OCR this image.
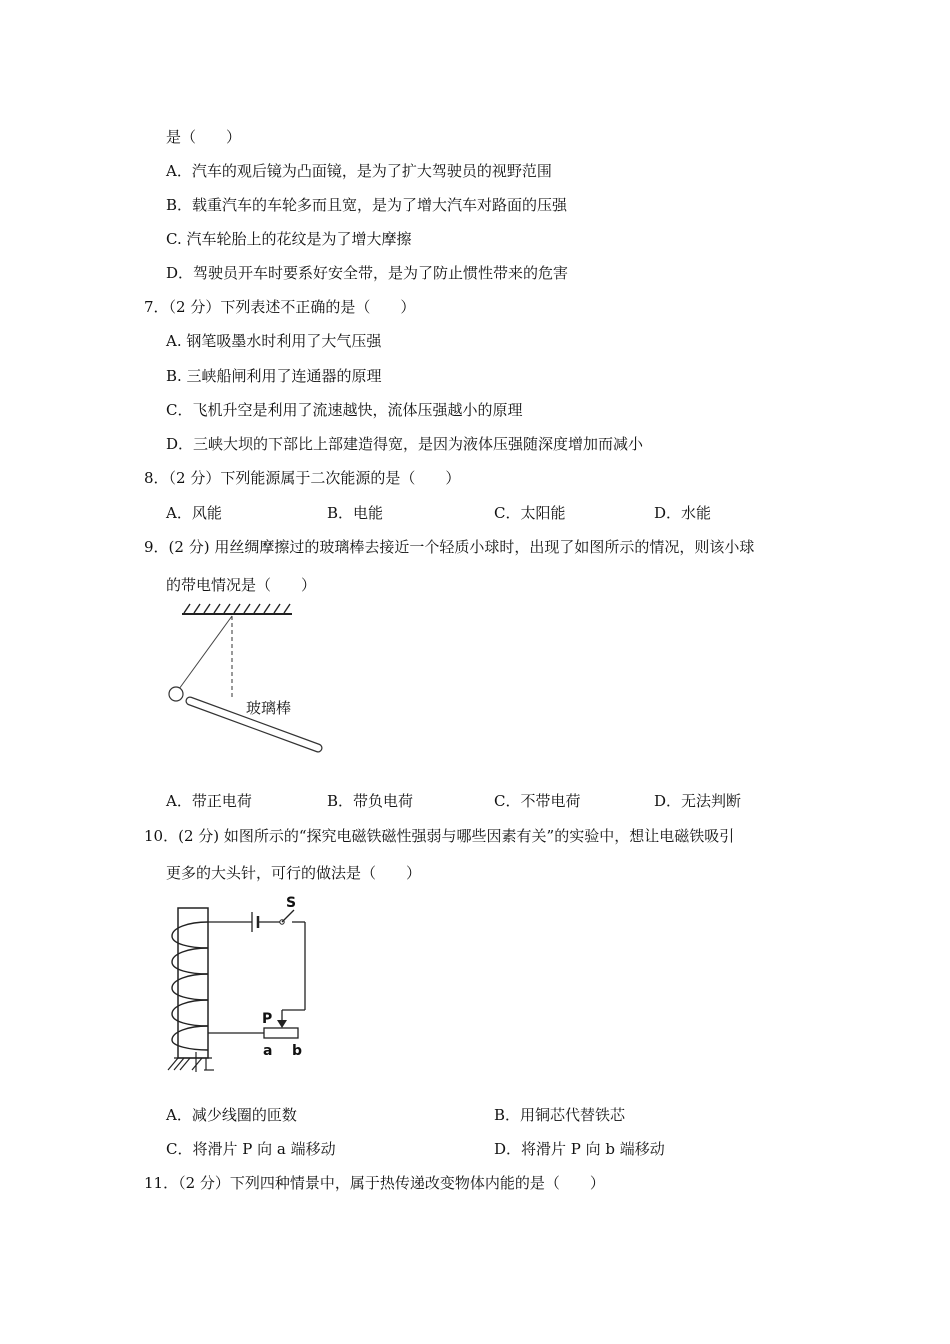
是（　　）
A．汽车的观后镜为凸面镜，是为了扩大驾驶员的视野范围
B．载重汽车的车轮多而且宽，是为了增大汽车对路面的压强
C. 汽车轮胎上的花纹是为了增大摩擦
D．驾驶员开车时要系好安全带，是为了防止惯性带来的危害
7．（2 分）下列表述不正确的是（　　）
A. 钢笔吸墨水时利用了大气压强
B. 三峡船闸利用了连通器的原理
C．飞机升空是利用了流速越快，流体压强越小的原理
D．三峡大坝的下部比上部建造得宽，是因为液体压强随深度增加而减小
8．（2 分）下列能源属于二次能源的是（　　）
A．风能	B．电能	C．太阳能	D．水能
9．(2 分) 用丝绸摩擦过的玻璃棒去接近一个轻质小球时，出现了如图所示的情况，则该小球
的带电情况是（　　）
玻璃棒
A．带正电荷	B．带负电荷	C．不带电荷	D．无法判断
10．(2 分) 如图所示的“探究电磁铁磁性强弱与哪些因素有关”的实验中，想让电磁铁吸引
更多的大头针，可行的做法是（　　）
S
P
a b
A．减少线圈的匝数	B．用铜芯代替铁芯
C．将滑片 P 向 a 端移动	D．将滑片 P 向 b 端移动
11．（2 分）下列四种情景中，属于热传递改变物体内能的是（　　）
